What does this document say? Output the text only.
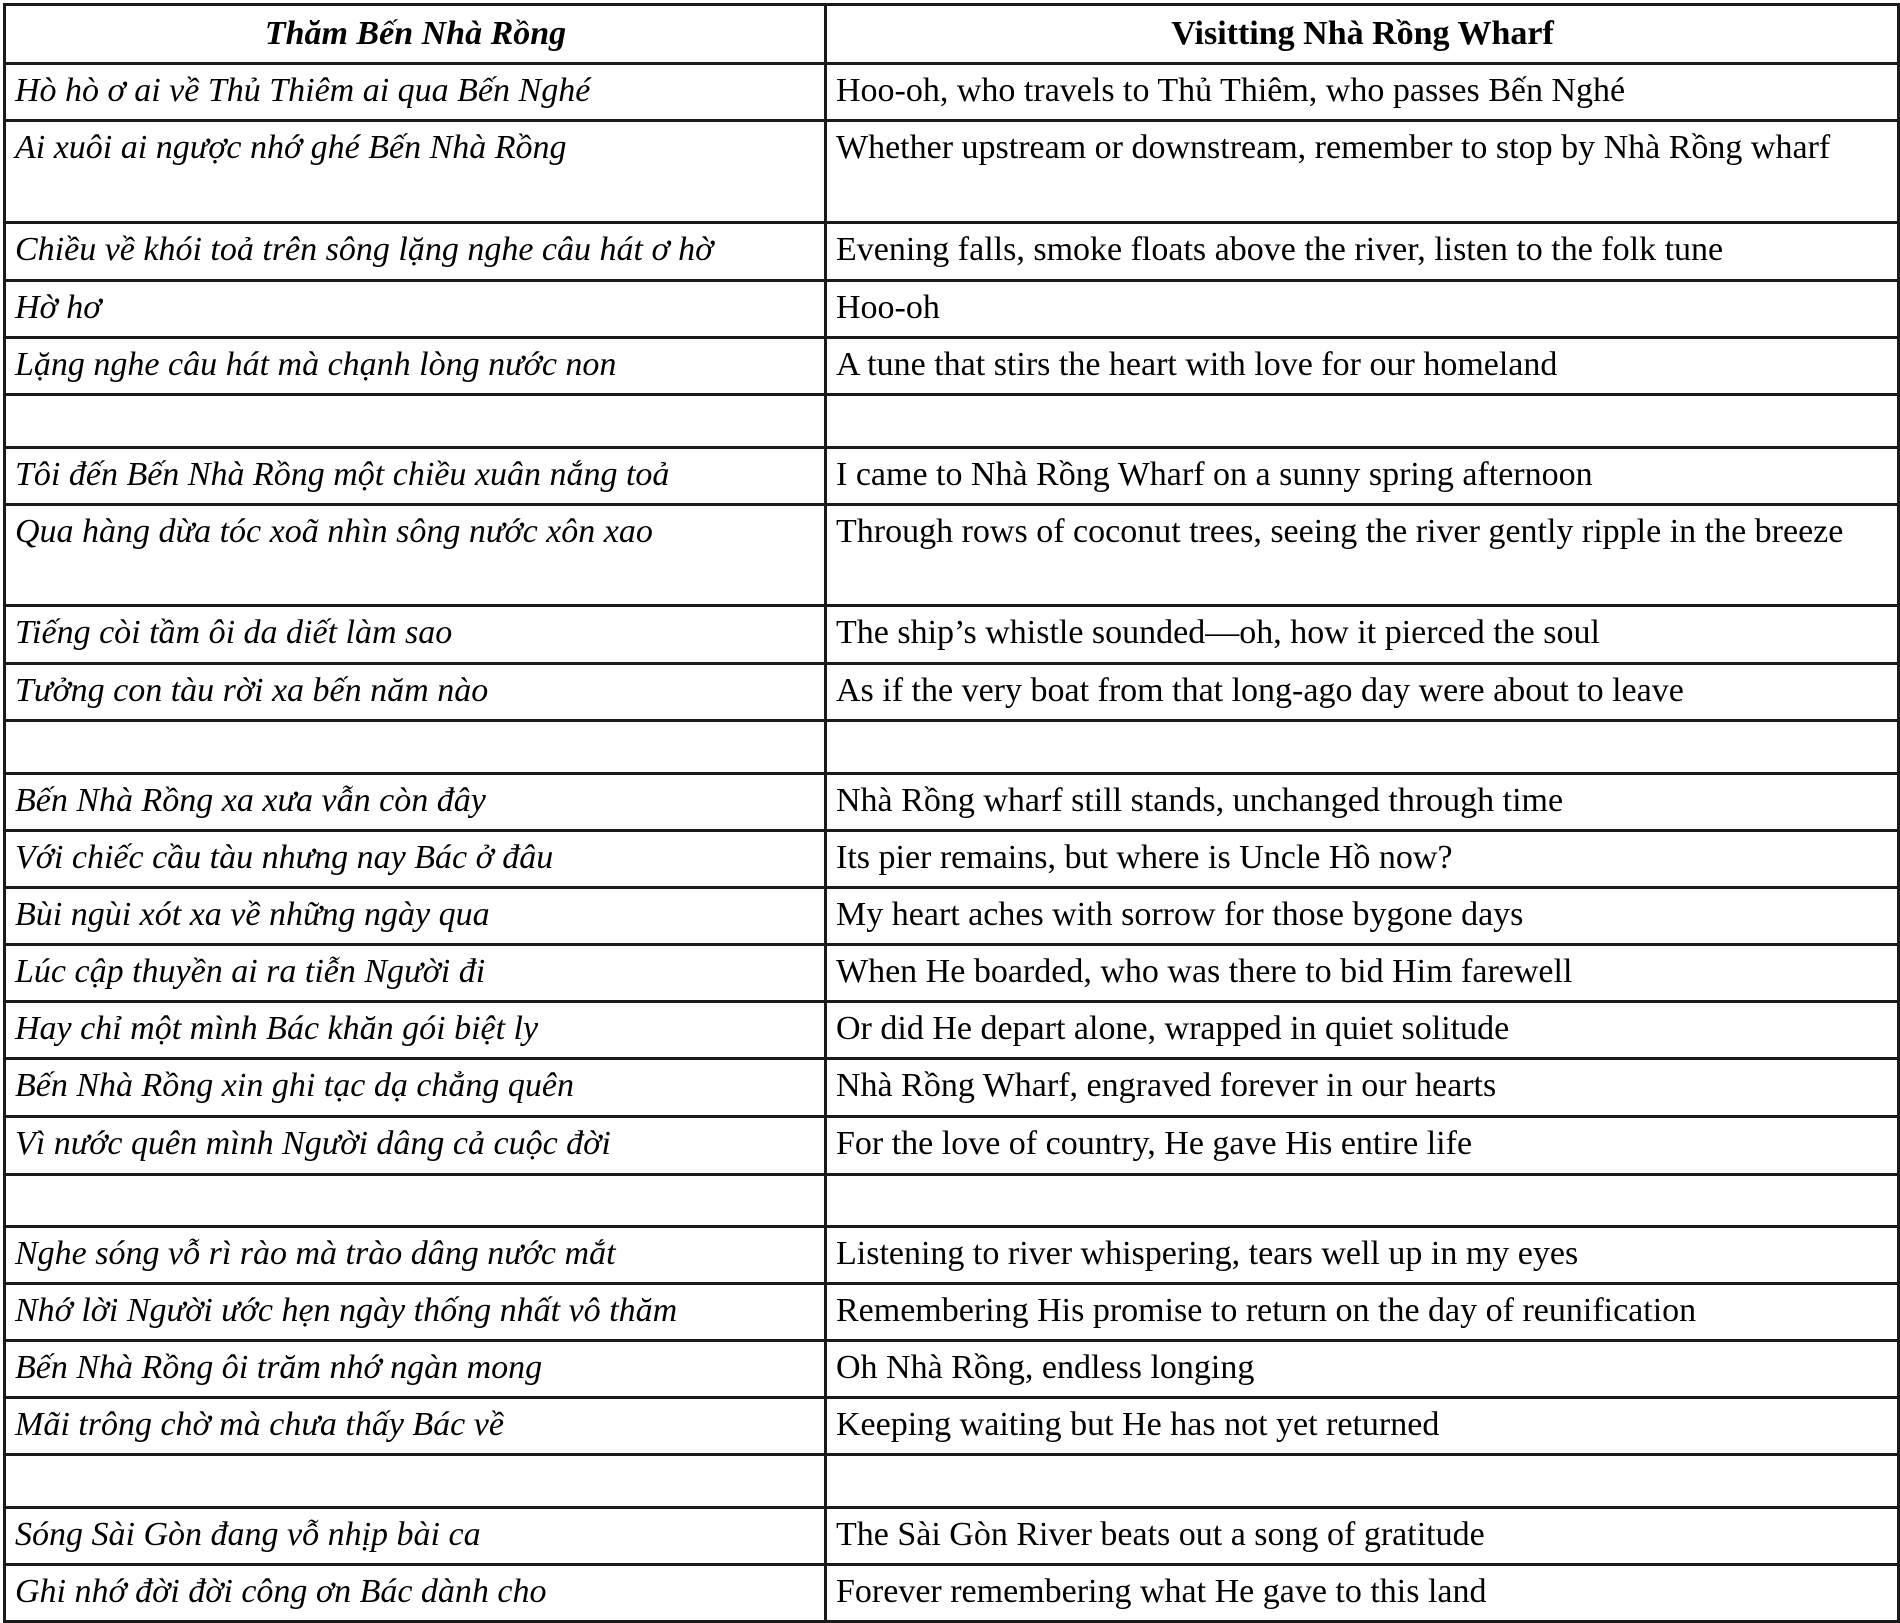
Thăm Bến Nhà Rồng	Visitting Nhà Rồng Wharf
Hò hò ơ ai về Thủ Thiêm ai qua Bến Nghé	Hoo-oh, who travels to Thủ Thiêm, who passes Bến Nghé
Ai xuôi ai ngược nhớ ghé Bến Nhà Rồng	Whether upstream or downstream, remember to stop by Nhà Rồng wharf
Chiều về khói toả trên sông lặng nghe câu hát ơ hờ	Evening falls, smoke floats above the river, listen to the folk tune
Hờ hơ	Hoo-oh
Lặng nghe câu hát mà chạnh lòng nước non	A tune that stirs the heart with love for our homeland

Tôi đến Bến Nhà Rồng một chiều xuân nắng toả	I came to Nhà Rồng Wharf on a sunny spring afternoon
Qua hàng dừa tóc xoã nhìn sông nước xôn xao	Through rows of coconut trees, seeing the river gently ripple in the breeze
Tiếng còi tầm ôi da diết làm sao	The ship’s whistle sounded—oh, how it pierced the soul
Tưởng con tàu rời xa bến năm nào	As if the very boat from that long-ago day were about to leave

Bến Nhà Rồng xa xưa vẫn còn đây	Nhà Rồng wharf still stands, unchanged through time
Với chiếc cầu tàu nhưng nay Bác ở đâu	Its pier remains, but where is Uncle Hồ now?
Bùi ngùi xót xa về những ngày qua	My heart aches with sorrow for those bygone days
Lúc cập thuyền ai ra tiễn Người đi	When He boarded, who was there to bid Him farewell
Hay chỉ một mình Bác khăn gói biệt ly	Or did He depart alone, wrapped in quiet solitude
Bến Nhà Rồng xin ghi tạc dạ chẳng quên	Nhà Rồng Wharf, engraved forever in our hearts
Vì nước quên mình Người dâng cả cuộc đời	For the love of country, He gave His entire life

Nghe sóng vỗ rì rào mà trào dâng nước mắt	Listening to river whispering, tears well up in my eyes
Nhớ lời Người ước hẹn ngày thống nhất vô thăm	Remembering His promise to return on the day of reunification
Bến Nhà Rồng ôi trăm nhớ ngàn mong	Oh Nhà Rồng, endless longing
Mãi trông chờ mà chưa thấy Bác về	Keeping waiting but He has not yet returned

Sóng Sài Gòn đang vỗ nhịp bài ca	The Sài Gòn River beats out a song of gratitude
Ghi nhớ đời đời công ơn Bác dành cho	Forever remembering what He gave to this land
